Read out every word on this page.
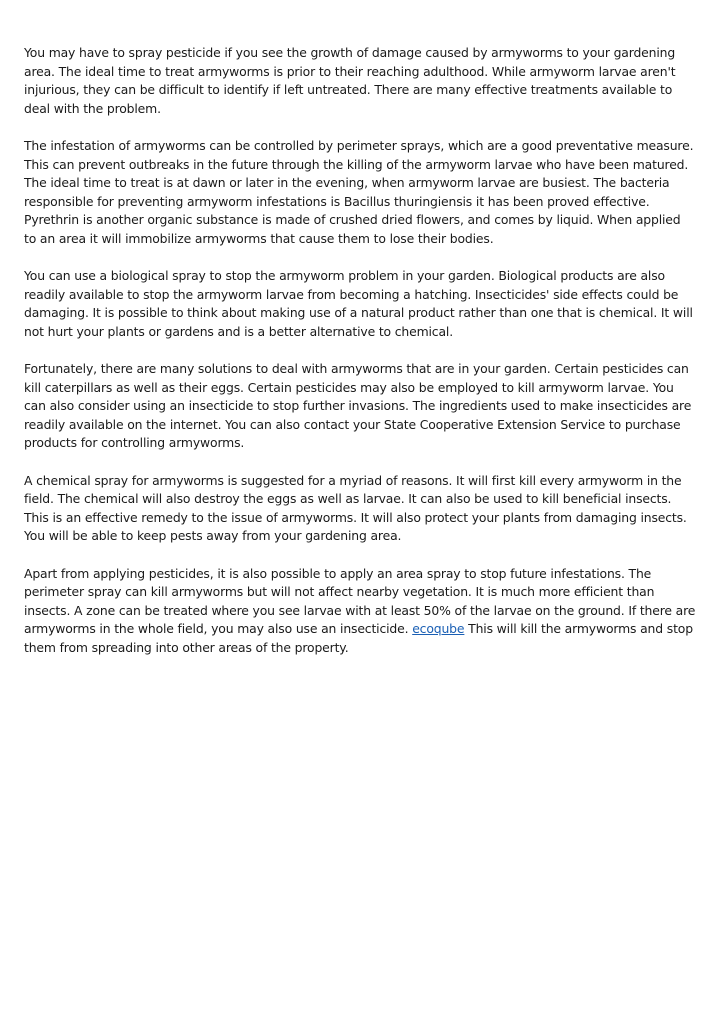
You may have to spray pesticide if you see the growth of damage caused by armyworms to your gardening area. The ideal time to treat armyworms is prior to their reaching adulthood. While armyworm larvae aren't injurious, they can be difficult to identify if left untreated. There are many effective treatments available to deal with the problem.

The infestation of armyworms can be controlled by perimeter sprays, which are a good preventative measure. This can prevent outbreaks in the future through the killing of the armyworm larvae who have been matured. The ideal time to treat is at dawn or later in the evening, when armyworm larvae are busiest. The bacteria responsible for preventing armyworm infestations is Bacillus thuringiensis it has been proved effective. Pyrethrin is another organic substance is made of crushed dried flowers, and comes by liquid. When applied to an area it will immobilize armyworms that cause them to lose their bodies.

You can use a biological spray to stop the armyworm problem in your garden. Biological products are also readily available to stop the armyworm larvae from becoming a hatching. Insecticides' side effects could be damaging. It is possible to think about making use of a natural product rather than one that is chemical. It will not hurt your plants or gardens and is a better alternative to chemical.

Fortunately, there are many solutions to deal with armyworms that are in your garden. Certain pesticides can kill caterpillars as well as their eggs. Certain pesticides may also be employed to kill armyworm larvae. You can also consider using an insecticide to stop further invasions. The ingredients used to make insecticides are readily available on the internet. You can also contact your State Cooperative Extension Service to purchase products for controlling armyworms.

A chemical spray for armyworms is suggested for a myriad of reasons. It will first kill every armyworm in the field. The chemical will also destroy the eggs as well as larvae. It can also be used to kill beneficial insects. This is an effective remedy to the issue of armyworms. It will also protect your plants from damaging insects. You will be able to keep pests away from your gardening area.

Apart from applying pesticides, it is also possible to apply an area spray to stop future infestations. The perimeter spray can kill armyworms but will not affect nearby vegetation. It is much more efficient than insects. A zone can be treated where you see larvae with at least 50% of the larvae on the ground. If there are armyworms in the whole field, you may also use an insecticide. ecoqube This will kill the armyworms and stop them from spreading into other areas of the property.
